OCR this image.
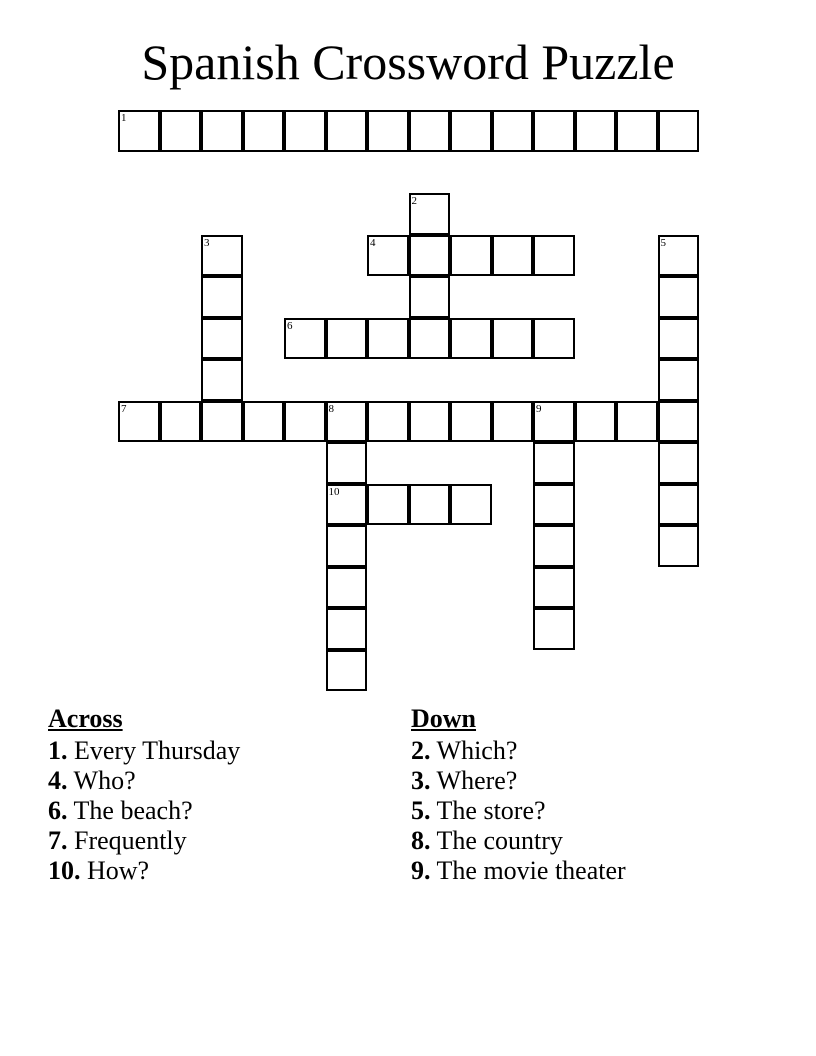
Spanish Crossword Puzzle
1
2
3	4	5
6
7	8	9
10
Across
1. Every Thursday
4. Who?
6. The beach?
7. Frequently
10. How?
Down
2. Which?
3. Where?
5. The store?
8. The country
9. The movie theater
